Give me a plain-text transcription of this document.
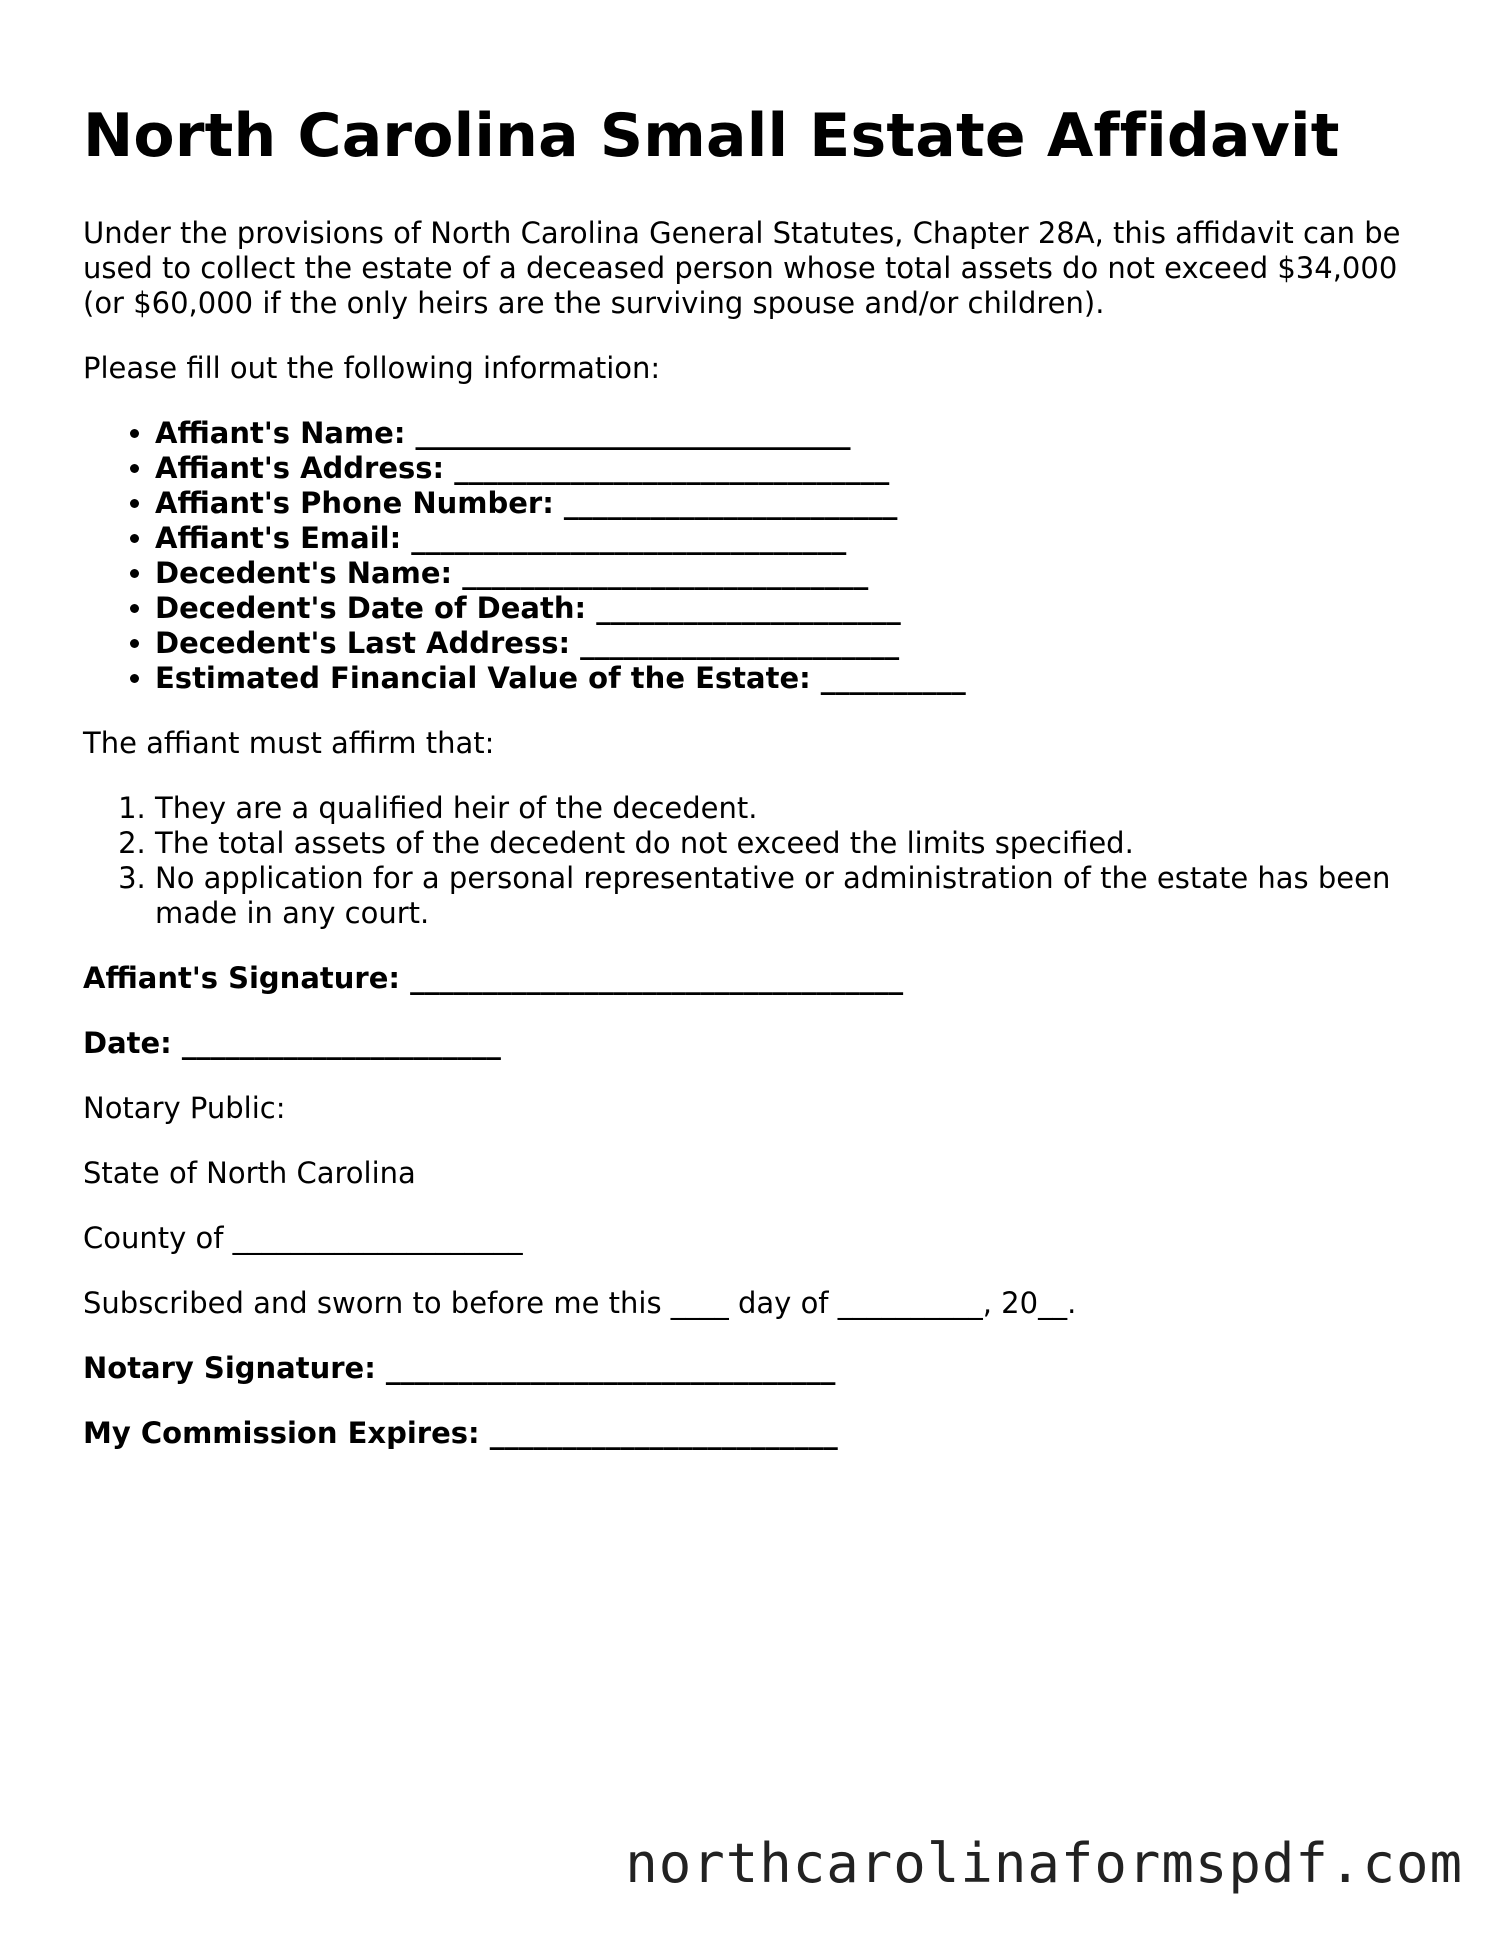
North Carolina Small Estate Affidavit

Under the provisions of North Carolina General Statutes, Chapter 28A, this affidavit can be used to collect the estate of a deceased person whose total assets do not exceed $34,000 (or $60,000 if the only heirs are the surviving spouse and/or children).

Please fill out the following information:

• Affiant's Name: ______________________________
• Affiant's Address: ______________________________
• Affiant's Phone Number: _______________________
• Affiant's Email: ______________________________
• Decedent's Name: ____________________________
• Decedent's Date of Death: _____________________
• Decedent's Last Address: ______________________
• Estimated Financial Value of the Estate: __________

The affiant must affirm that:

1. They are a qualified heir of the decedent.
2. The total assets of the decedent do not exceed the limits specified.
3. No application for a personal representative or administration of the estate has been made in any court.

Affiant's Signature: __________________________________

Date: ______________________

Notary Public:

State of North Carolina

County of ____________________

Subscribed and sworn to before me this ____ day of __________, 20__.

Notary Signature: _______________________________

My Commission Expires: ________________________

northcarolinaformspdf.com
